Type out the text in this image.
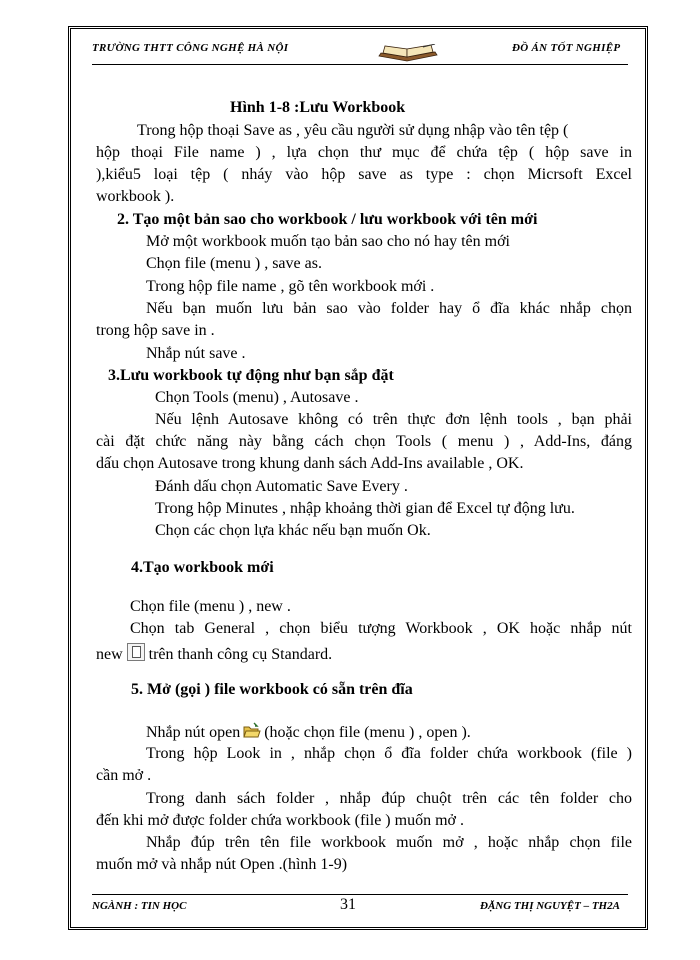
TRƯỜNG THTT CÔNG NGHỆ HÀ NỘI	ĐỒ ÁN TỐT NGHIỆP
Hình 1-8 :Lưu Workbook
Trong hộp thoại Save as , yêu cầu người sử dụng nhập vào tên tệp (
hộp thoại File name ) , lựa chọn thư mục để chứa tệp ( hộp save in
),kiểu5 loại tệp ( nháy vào hộp save as type : chọn Micrsoft Excel
workbook ).
2. Tạo một bản sao cho workbook / lưu workbook với tên mới
Mở một workbook muốn tạo bản sao cho nó hay tên mới
Chọn file (menu ) , save as.
Trong hộp file name , gõ tên workbook mới .
Nếu bạn muốn lưu bản sao vào folder hay ổ đĩa khác nhắp chọn
trong hộp save in .
Nhắp nút save .
3.Lưu workbook tự động như bạn sắp đặt
Chọn Tools (menu) , Autosave .
Nếu lệnh Autosave không có trên thực đơn lệnh tools , bạn phải
cài đặt chức năng này bằng cách chọn Tools ( menu ) , Add-Ins, đáng
dấu chọn Autosave trong khung danh sách Add-Ins available , OK.
Đánh dấu chọn Automatic Save Every .
Trong hộp Minutes , nhập khoảng thời gian để Excel tự động lưu.
Chọn các chọn lựa khác nếu bạn muốn Ok.
4.Tạo workbook mới
Chọn file (menu ) , new .
Chọn tab General , chọn biểu tượng Workbook , OK hoặc nhắp nút
new trên thanh công cụ Standard.
5. Mở (gọi ) file workbook có sẵn trên đĩa
Nhắp nút open (hoặc chọn file (menu ) , open ).
Trong hộp Look in , nhắp chọn ổ đĩa folder chứa workbook (file )
cần mở .
Trong danh sách folder , nhắp đúp chuột trên các tên folder cho
đến khi mở được folder chứa workbook (file ) muốn mở .
Nhắp đúp trên tên file workbook muốn mở , hoặc nhắp chọn file
muốn mở và nhắp nút Open .(hình 1-9)
NGÀNH : TIN HỌC	31	ĐẶNG THỊ NGUYỆT – TH2A
